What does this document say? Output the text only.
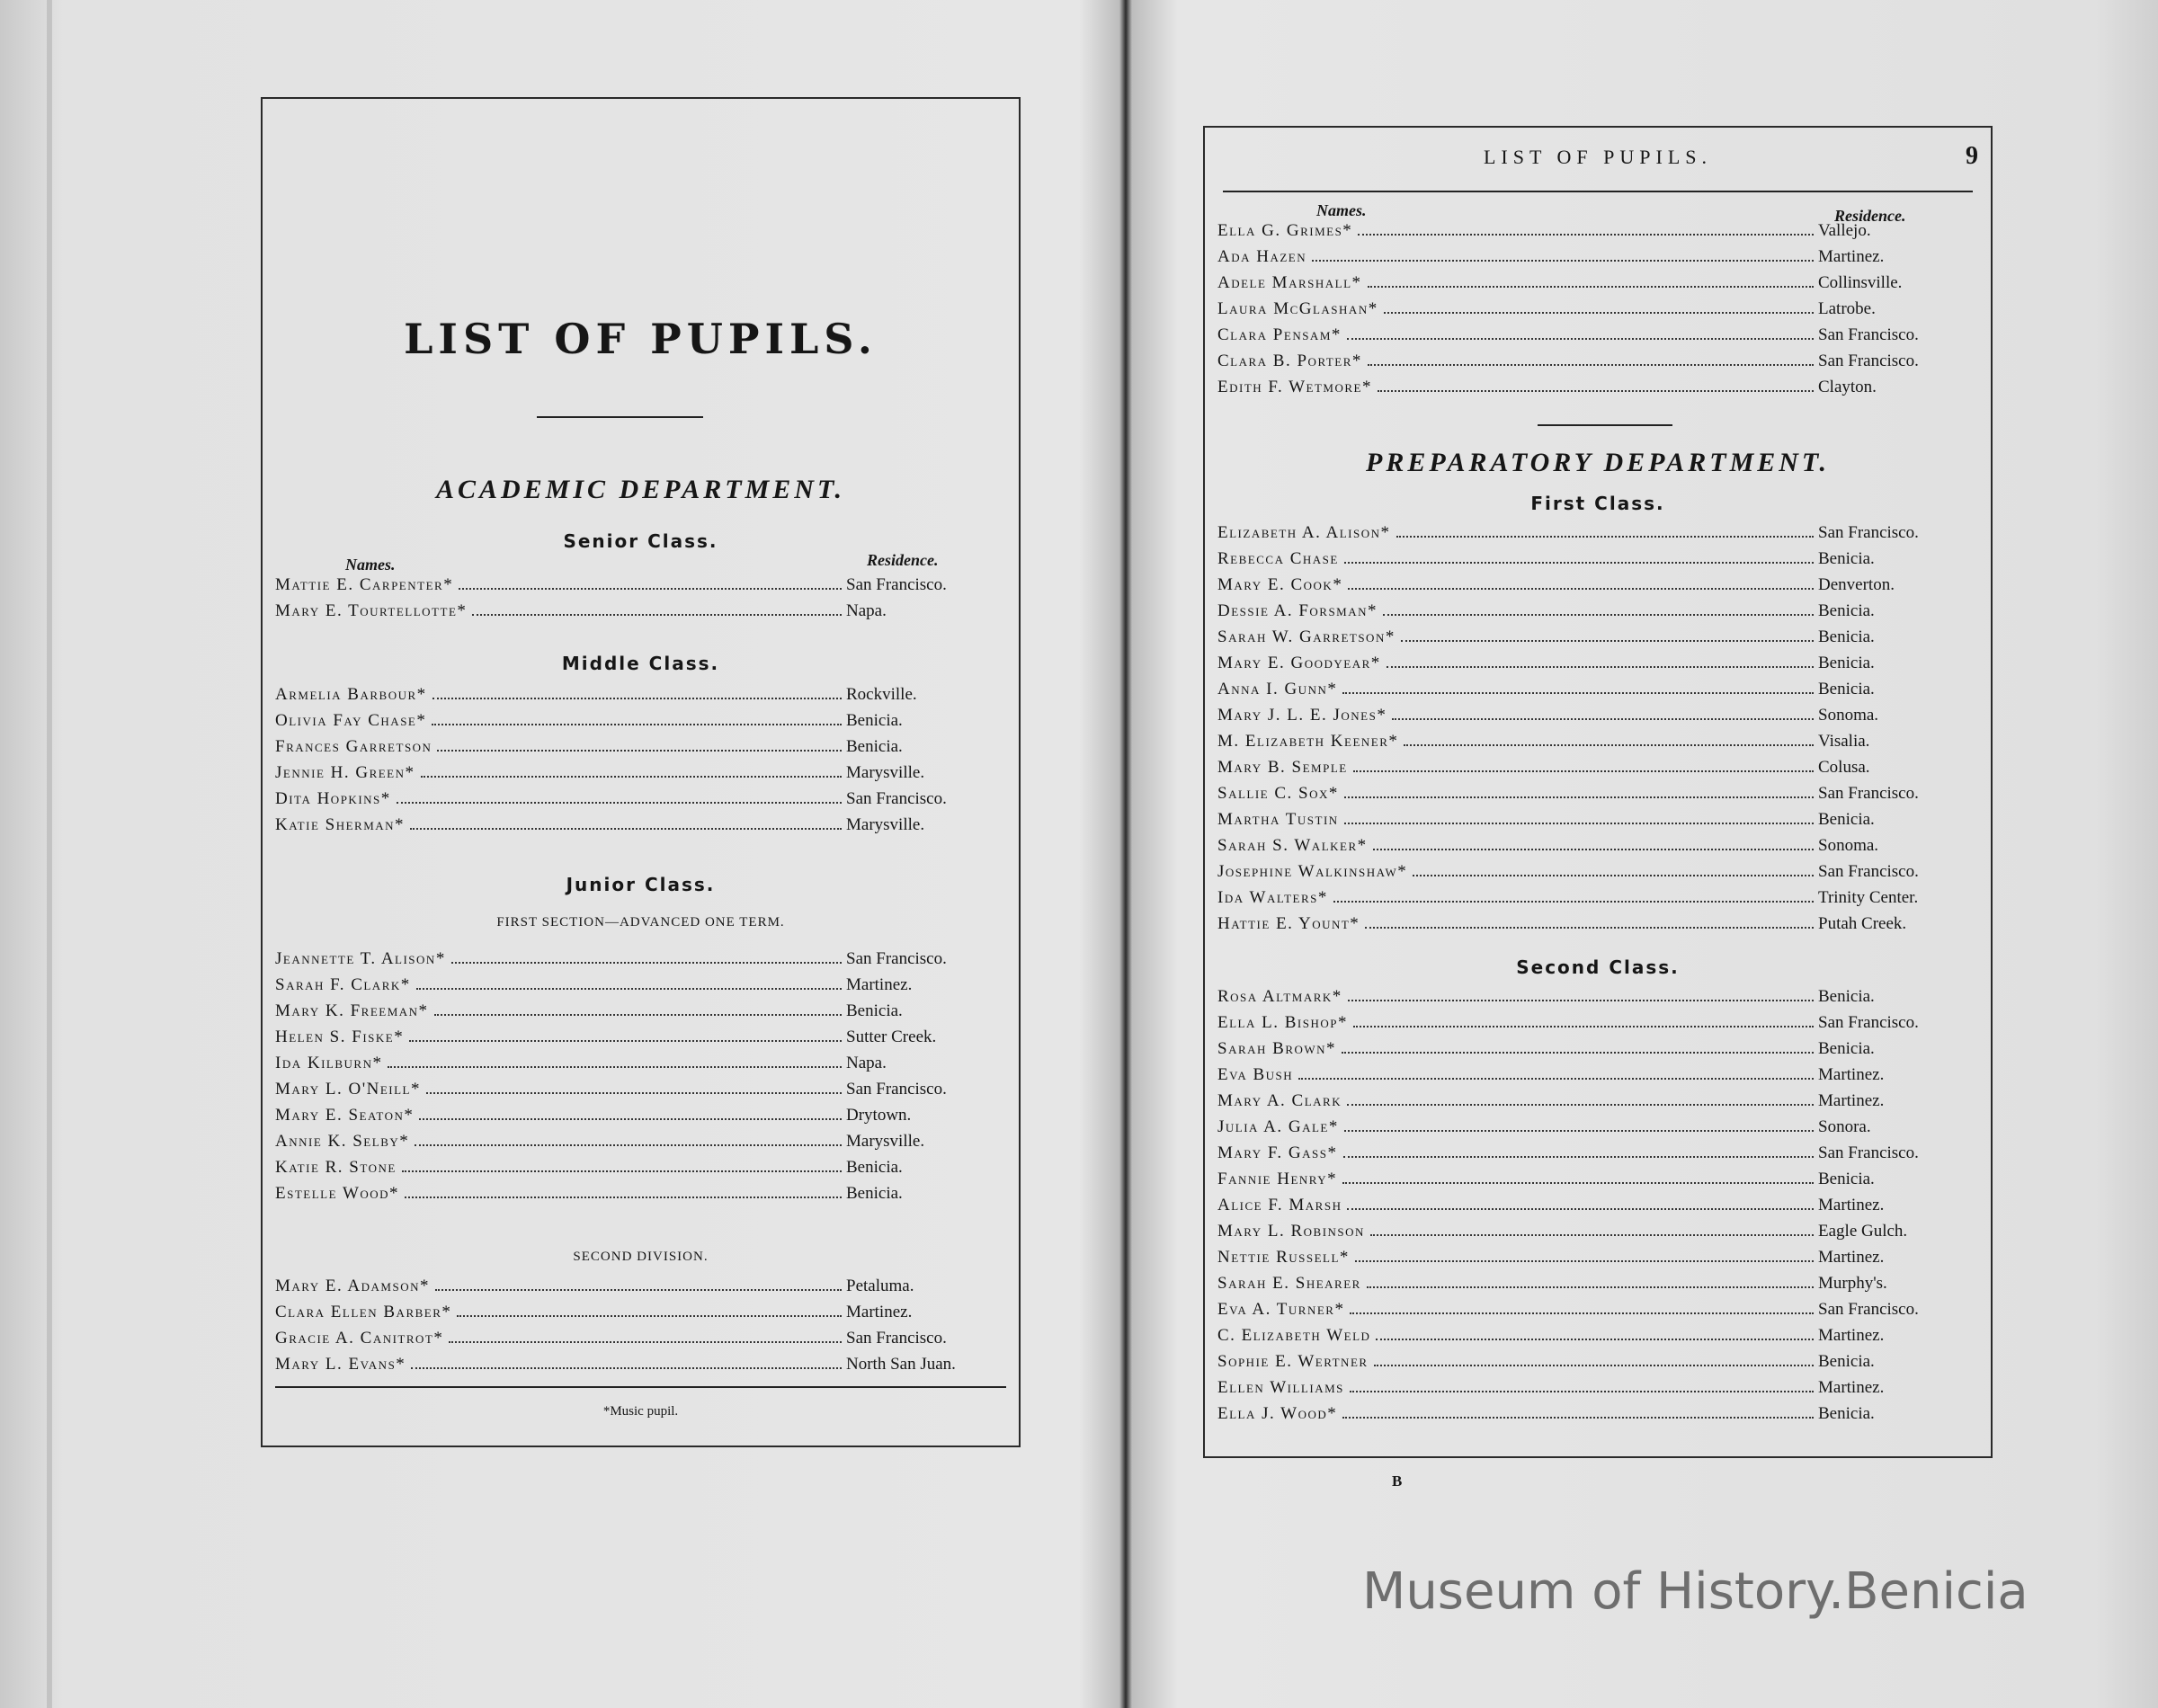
LIST OF PUPILS.
ACADEMIC DEPARTMENT.
Senior Class.
Names.	Residence.
Mattie E. Carpenter*	San Francisco.
Mary E. Tourtellotte*	Napa.
Middle Class.
Armelia Barbour*	Rockville.
Olivia Fay Chase*	Benicia.
Frances Garretson	Benicia.
Jennie H. Green*	Marysville.
Dita Hopkins*	San Francisco.
Katie Sherman*	Marysville.
Junior Class.
FIRST SECTION—ADVANCED ONE TERM.
Jeannette T. Alison*	San Francisco.
Sarah F. Clark*	Martinez.
Mary K. Freeman*	Benicia.
Helen S. Fiske*	Sutter Creek.
Ida Kilburn*	Napa.
Mary L. O'Neill*	San Francisco.
Mary E. Seaton*	Drytown.
Annie K. Selby*	Marysville.
Katie R. Stone	Benicia.
Estelle Wood*	Benicia.
SECOND DIVISION.
Mary E. Adamson*	Petaluma.
Clara Ellen Barber*	Martinez.
Gracie A. Canitrot*	San Francisco.
Mary L. Evans*	North San Juan.
*Music pupil.
LIST OF PUPILS.	9
Names.	Residence.
Ella G. Grimes*	Vallejo.
Ada Hazen	Martinez.
Adele Marshall*	Collinsville.
Laura McGlashan*	Latrobe.
Clara Pensam*	San Francisco.
Clara B. Porter*	San Francisco.
Edith F. Wetmore*	Clayton.
PREPARATORY DEPARTMENT.
First Class.
Elizabeth A. Alison*	San Francisco.
Rebecca Chase	Benicia.
Mary E. Cook*	Denverton.
Dessie A. Forsman*	Benicia.
Sarah W. Garretson*	Benicia.
Mary E. Goodyear*	Benicia.
Anna I. Gunn*	Benicia.
Mary J. L. E. Jones*	Sonoma.
M. Elizabeth Keener*	Visalia.
Mary B. Semple	Colusa.
Sallie C. Sox*	San Francisco.
Martha Tustin	Benicia.
Sarah S. Walker*	Sonoma.
Josephine Walkinshaw*	San Francisco.
Ida Walters*	Trinity Center.
Hattie E. Yount*	Putah Creek.
Second Class.
Rosa Altmark*	Benicia.
Ella L. Bishop*	San Francisco.
Sarah Brown*	Benicia.
Eva Bush	Martinez.
Mary A. Clark	Martinez.
Julia A. Gale*	Sonora.
Mary F. Gass*	San Francisco.
Fannie Henry*	Benicia.
Alice F. Marsh	Martinez.
Mary L. Robinson	Eagle Gulch.
Nettie Russell*	Martinez.
Sarah E. Shearer	Murphy's.
Eva A. Turner*	San Francisco.
C. Elizabeth Weld	Martinez.
Sophie E. Wertner	Benicia.
Ellen Williams	Martinez.
Ella J. Wood*	Benicia.
B
Museum of History.Benicia
